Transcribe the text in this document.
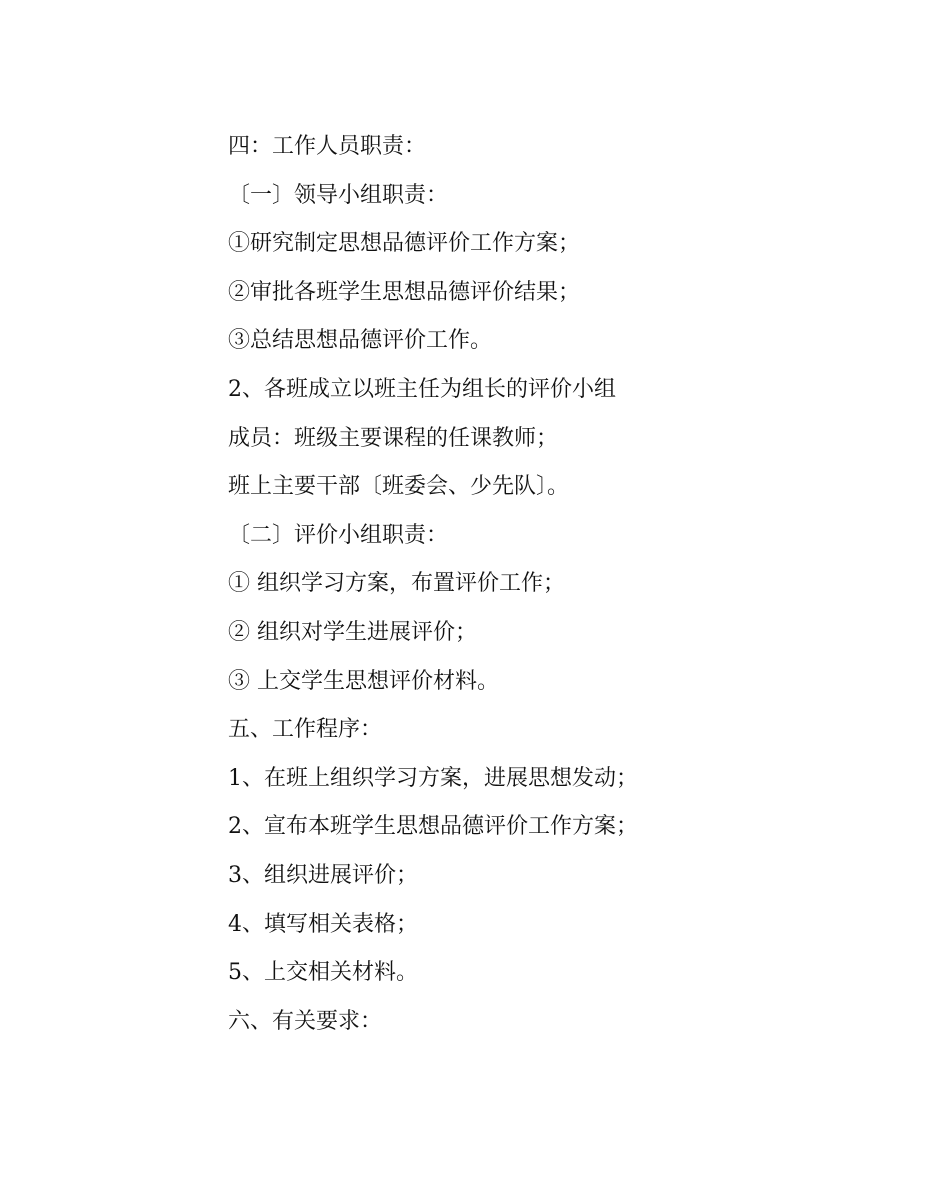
四：工作人员职责：

〔一〕领导小组职责：

①研究制定思想品德评价工作方案；

②审批各班学生思想品德评价结果；

③总结思想品德评价工作。

2、各班成立以班主任为组长的评价小组

成员：班级主要课程的任课教师；

班上主要干部〔班委会、少先队〕。

〔二〕评价小组职责：

① 组织学习方案，布置评价工作；

② 组织对学生进展评价；

③ 上交学生思想评价材料。

五、工作程序：

1、在班上组织学习方案，进展思想发动；

2、宣布本班学生思想品德评价工作方案；

3、组织进展评价；

4、填写相关表格；

5、上交相关材料。

六、有关要求：
